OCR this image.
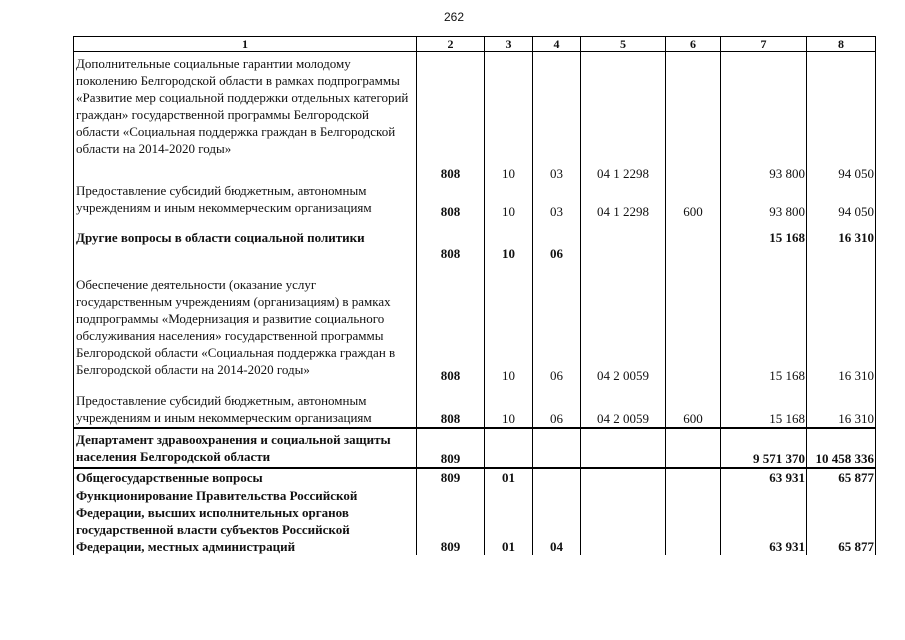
262
1	2	3	4	5	6	7	8
Дополнительные социальные гарантии молодому поколению Белгородской области в рамках подпрограммы «Развитие мер социальной поддержки отдельных категорий граждан» государственной программы Белгородской области «Социальная поддержка граждан в Белгородской области на 2014-2020 годы»	808	10	03	04 1 2298		93 800	94 050
Предоставление субсидий бюджетным, автономным учреждениям и иным некоммерческим организациям	808	10	03	04 1 2298	600	93 800	94 050
Другие вопросы в области социальной политики	808	10	06			15 168	16 310
Обеспечение деятельности (оказание услуг государственным учреждениям (организациям) в рамках подпрограммы «Модернизация и развитие социального обслуживания населения» государственной программы Белгородской области «Социальная поддержка граждан в Белгородской области на 2014-2020 годы»	808	10	06	04 2 0059		15 168	16 310
Предоставление субсидий бюджетным, автономным учреждениям и иным некоммерческим организациям	808	10	06	04 2 0059	600	15 168	16 310
Департамент здравоохранения и социальной защиты населения Белгородской области	809					9 571 370	10 458 336
Общегосударственные вопросы	809	01				63 931	65 877
Функционирование Правительства Российской Федерации, высших исполнительных органов государственной власти субъектов Российской Федерации, местных администраций	809	01	04			63 931	65 877
